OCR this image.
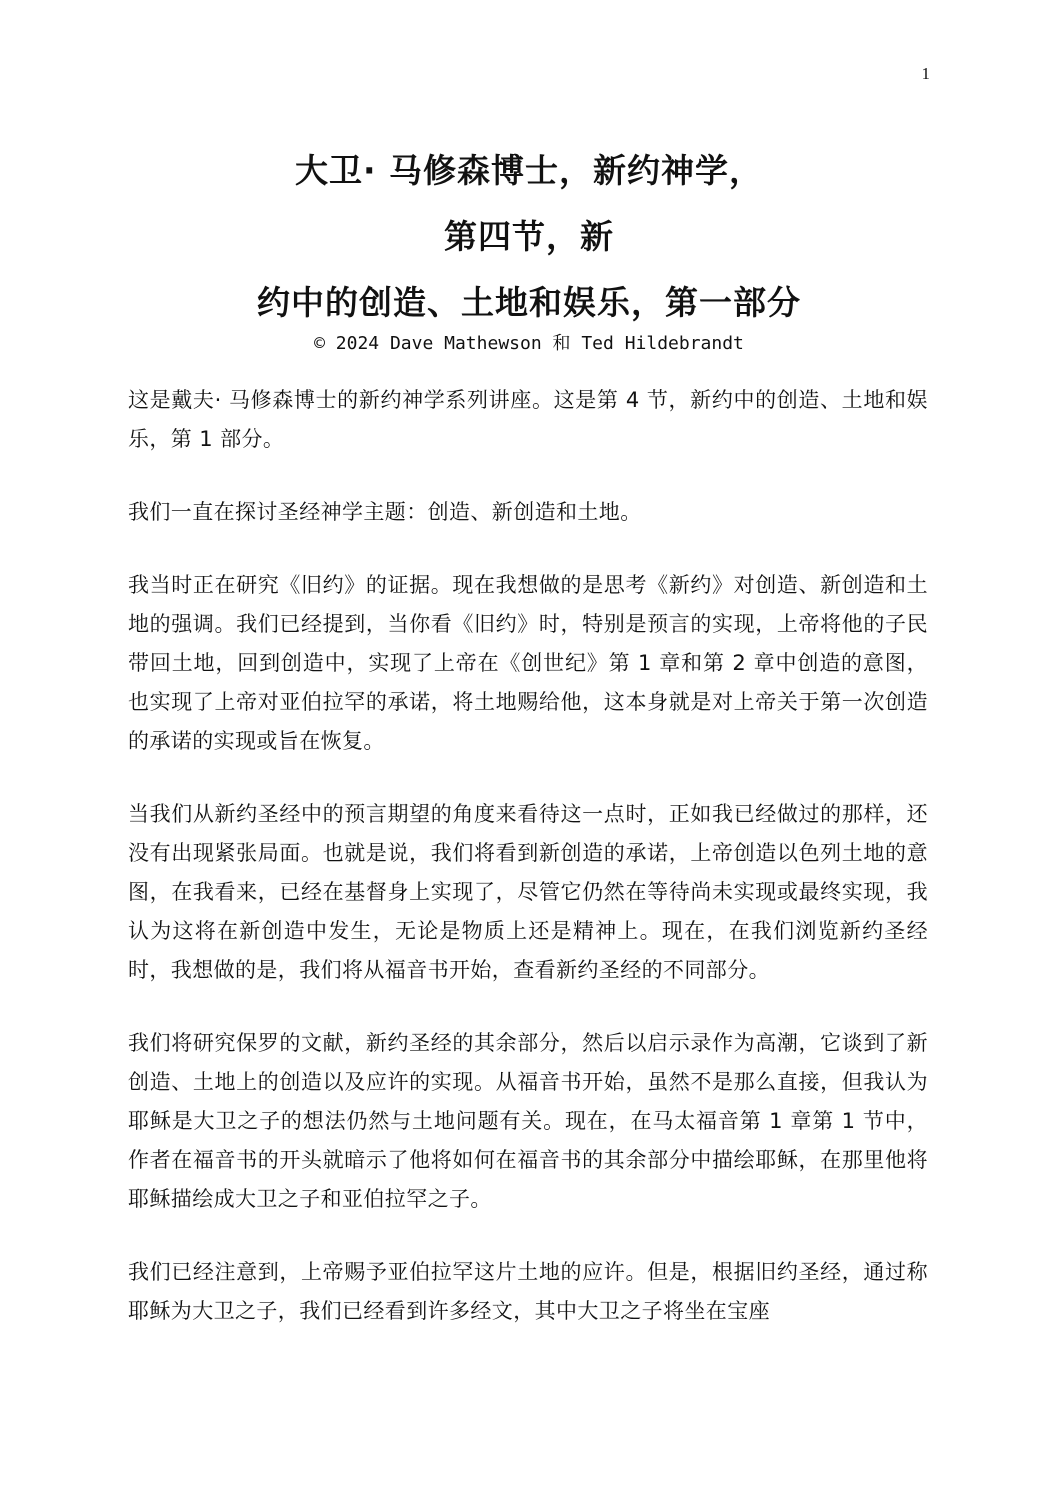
1
大卫· 马修森博士，新约神学，
第四节，新
约中的创造、土地和娱乐，第一部分
© 2024 Dave Mathewson 和 Ted Hildebrandt

这是戴夫· 马修森博士的新约神学系列讲座。这是第 4 节，新约中的创造、土地和娱乐，第 1 部分。

我们一直在探讨圣经神学主题：创造、新创造和土地。

我当时正在研究《旧约》的证据。现在我想做的是思考《新约》对创造、新创造和土地的强调。我们已经提到，当你看《旧约》时，特别是预言的实现，上帝将他的子民带回土地，回到创造中，实现了上帝在《创世纪》第 1 章和第 2 章中创造的意图，也实现了上帝对亚伯拉罕的承诺，将土地赐给他，这本身就是对上帝关于第一次创造的承诺的实现或旨在恢复。

当我们从新约圣经中的预言期望的角度来看待这一点时，正如我已经做过的那样，还没有出现紧张局面。也就是说，我们将看到新创造的承诺，上帝创造以色列土地的意图，在我看来，已经在基督身上实现了，尽管它仍然在等待尚未实现或最终实现，我认为这将在新创造中发生，无论是物质上还是精神上。现在，在我们浏览新约圣经时，我想做的是，我们将从福音书开始，查看新约圣经的不同部分。

我们将研究保罗的文献，新约圣经的其余部分，然后以启示录作为高潮，它谈到了新创造、土地上的创造以及应许的实现。从福音书开始，虽然不是那么直接，但我认为耶稣是大卫之子的想法仍然与土地问题有关。现在，在马太福音第 1 章第 1 节中，作者在福音书的开头就暗示了他将如何在福音书的其余部分中描绘耶稣，在那里他将耶稣描绘成大卫之子和亚伯拉罕之子。

我们已经注意到，上帝赐予亚伯拉罕这片土地的应许。但是，根据旧约圣经，通过称耶稣为大卫之子，我们已经看到许多经文，其中大卫之子将坐在宝座
